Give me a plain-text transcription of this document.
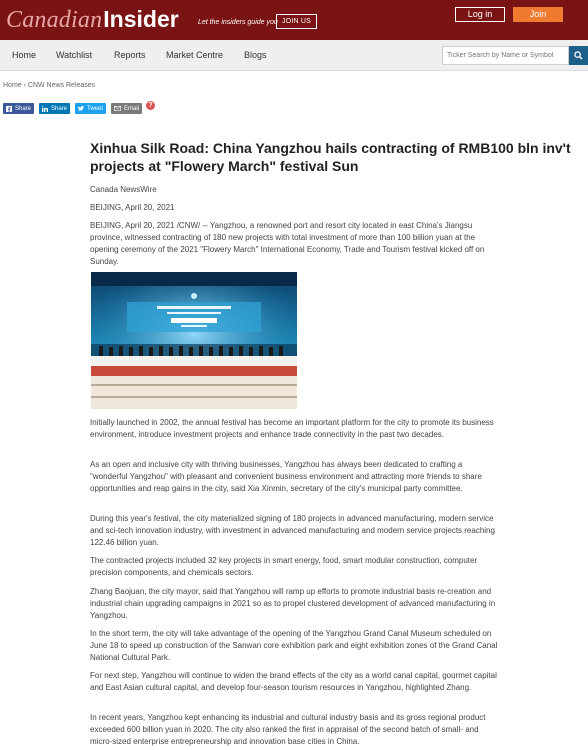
Canadian Insider	Let the insiders guide you JOIN US
Log in	Join
Home Watchlist Reports Market Centre Blogs
Ticker Search by Name or Symbol
Home › CNW News Releases
Share	Share	Tweet	Email	?
Xinhua Silk Road: China Yangzhou hails contracting of RMB100 bln inv't projects at "Flowery March" festival Sun
Canada NewsWire
BEIJING, April 20, 2021

BEIJING, April 20, 2021 /CNW/ -- Yangzhou, a renowned port and resort city located in east China's Jiangsu province, witnessed contracting of 180 new projects with total investment of more than 100 billion yuan at the opening ceremony of the 2021 "Flowery March" International Economy, Trade and Tourism festival kicked off on Sunday.

Initially launched in 2002, the annual festival has become an important platform for the city to promote its business environment, introduce investment projects and enhance trade connectivity in the past two decades.

As an open and inclusive city with thriving businesses, Yangzhou has always been dedicated to crafting a "wonderful Yangzhou" with pleasant and convenient business environment and attracting more friends to share opportunities and reap gains in the city, said Xia Xinmin, secretary of the city's municipal party committee.

During this year's festival, the city materialized signing of 180 projects in advanced manufacturing, modern service and sci-tech innovation industry, with investment in advanced manufacturing and modern service projects reaching 122.46 billion yuan.

The contracted projects included 32 key projects in smart energy, food, smart modular construction, computer precision components, and chemicals sectors.

Zhang Baojuan, the city mayor, said that Yangzhou will ramp up efforts to promote industrial basis re-creation and industrial chain upgrading campaigns in 2021 so as to propel clustered development of advanced manufacturing in Yangzhou.

In the short term, the city will take advantage of the opening of the Yangzhou Grand Canal Museum scheduled on June 18 to speed up construction of the Sanwan core exhibition park and eight exhibition zones of the Grand Canal National Cultural Park.

For next step, Yangzhou will continue to widen the brand effects of the city as a world canal capital, gourmet capital and East Asian cultural capital, and develop four-season tourism resources in Yangzhou, highlighted Zhang.

In recent years, Yangzhou kept enhancing its industrial and cultural industry basis and its gross regional product exceeded 600 billion yuan in 2020. The city also ranked the first in appraisal of the second batch of small- and micro-sized enterprise entrepreneurship and innovation base cities in China.
